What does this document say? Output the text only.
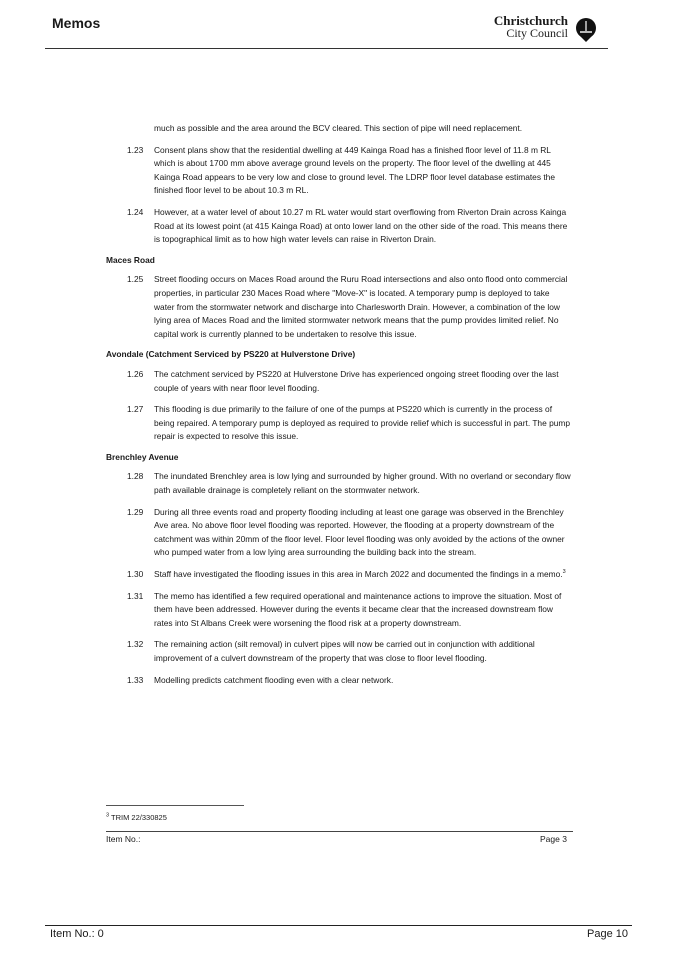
Memos	Christchurch
City Council
much as possible and the area around the BCV cleared. This section of pipe will need replacement.
1.23	Consent plans show that the residential dwelling at 449 Kainga Road has a finished floor level of 11.8 m RL which is about 1700 mm above average ground levels on the property. The floor level of the dwelling at 445 Kainga Road appears to be very low and close to ground level. The LDRP floor level database estimates the finished floor level to be about 10.3 m RL.
1.24	However, at a water level of about 10.27 m RL water would start overflowing from Riverton Drain across Kainga Road at its lowest point (at 415 Kainga Road) at onto lower land on the other side of the road. This means there is topographical limit as to how high water levels can raise in Riverton Drain.
Maces Road
1.25	Street flooding occurs on Maces Road around the Ruru Road intersections and also onto flood onto commercial properties, in particular 230 Maces Road where "Move-X" is located. A temporary pump is deployed to take water from the stormwater network and discharge into Charlesworth Drain. However, a combination of the low lying area of Maces Road and the limited stormwater network means that the pump provides limited relief. No capital work is currently planned to be undertaken to resolve this issue.
Avondale (Catchment Serviced by PS220 at Hulverstone Drive)
1.26	The catchment serviced by PS220 at Hulverstone Drive has experienced ongoing street flooding over the last couple of years with near floor level flooding.
1.27	This flooding is due primarily to the failure of one of the pumps at PS220 which is currently in the process of being repaired. A temporary pump is deployed as required to provide relief which is successful in part. The pump repair is expected to resolve this issue.
Brenchley Avenue
1.28	The inundated Brenchley area is low lying and surrounded by higher ground. With no overland or secondary flow path available drainage is completely reliant on the stormwater network.
1.29	During all three events road and property flooding including at least one garage was observed in the Brenchley Ave area. No above floor level flooding was reported. However, the flooding at a property downstream of the catchment was within 20mm of the floor level. Floor level flooding was only avoided by the actions of the owner who pumped water from a low lying area surrounding the building back into the stream.
1.30	Staff have investigated the flooding issues in this area in March 2022 and documented the findings in a memo.$^3$
1.31	The memo has identified a few required operational and maintenance actions to improve the situation. Most of them have been addressed. However during the events it became clear that the increased downstream flow rates into St Albans Creek were worsening the flood risk at a property downstream.
1.32	The remaining action (silt removal) in culvert pipes will now be carried out in conjunction with additional improvement of a culvert downstream of the property that was close to floor level flooding.
1.33	Modelling predicts catchment flooding even with a clear network.
$^3$ TRIM 22/330825
Item No.:	Page 3
Item No.: 0	Page 10
